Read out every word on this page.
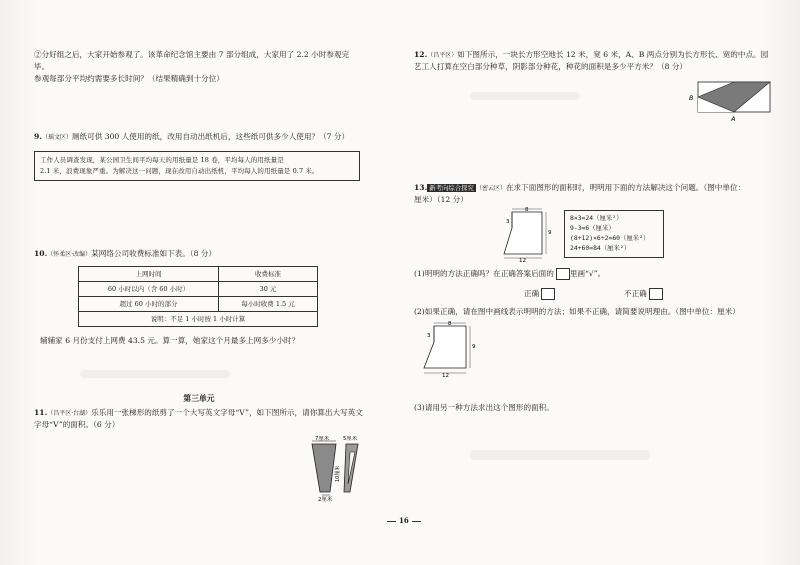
②分好组之后，大家开始参观了。该革命纪念馆主要由 7 部分组成，大家用了 2.2 小时参观完毕。
参观每部分平均约需要多长时间？（结果精确到十分位）
9.（瑶文区）厕纸可供 300 人使用的纸，改用自动出纸机后，这些纸可供多少人使用？（7 分）
工作人员调查发现，某公园卫生间平均每天的用纸量是 18 卷，平均每人的用纸量是
2.1 米，浪费现象严重。为解决这一问题，现在改用自动出纸机，平均每人的用纸量是 0.7 米。
10.（怀柔区·改编）某网络公司收费标准如下表。（8 分）
上网时间	收费标准
60 小时以内（含 60 小时）	30 元
超过 60 小时的部分	每小时收费 1.5 元
说明：不足 1 小时按 1 小时计算	
辅辅家 6 月份支付上网费 43.5 元。算一算，她家这个月最多上网多少小时？
第三单元
11.（昌平区·台湖）乐乐用一张梯形的纸剪了一个大写英文字母“V”，如下图所示，请你算出大写英文
字母“V”的面积。（6 分）
7厘米	5厘米
10厘米
2厘米
12.（昌平区）如下图所示，一块长方形空地长 12 米，宽 6 米，A、B 两点分别为长方形长、宽的中点。园
艺工人打算在空白部分种草，阴影部分种花，种花的面积是多少平方米？（8 分）
B
A
13. 新考向综合探究 （密云区）在求下面图形的面积时，明明用下面的方法解决这个问题。（图中单位：
厘米）（12 分）
8
3
9
12
8×3=24（厘米²）
9-3=6（厘米）
(8+12)×6÷2=60（厘米²）
24+60=84（厘米²）
(1)明明的方法正确吗？在正确答案后面的 里画“√”。
正确	不正确
(2)如果正确，请在图中画线表示明明的方法；如果不正确，请简要说明理由。（图中单位：厘米）
8
3
9
12
(3)请用另一种方法求出这个图形的面积。
16
